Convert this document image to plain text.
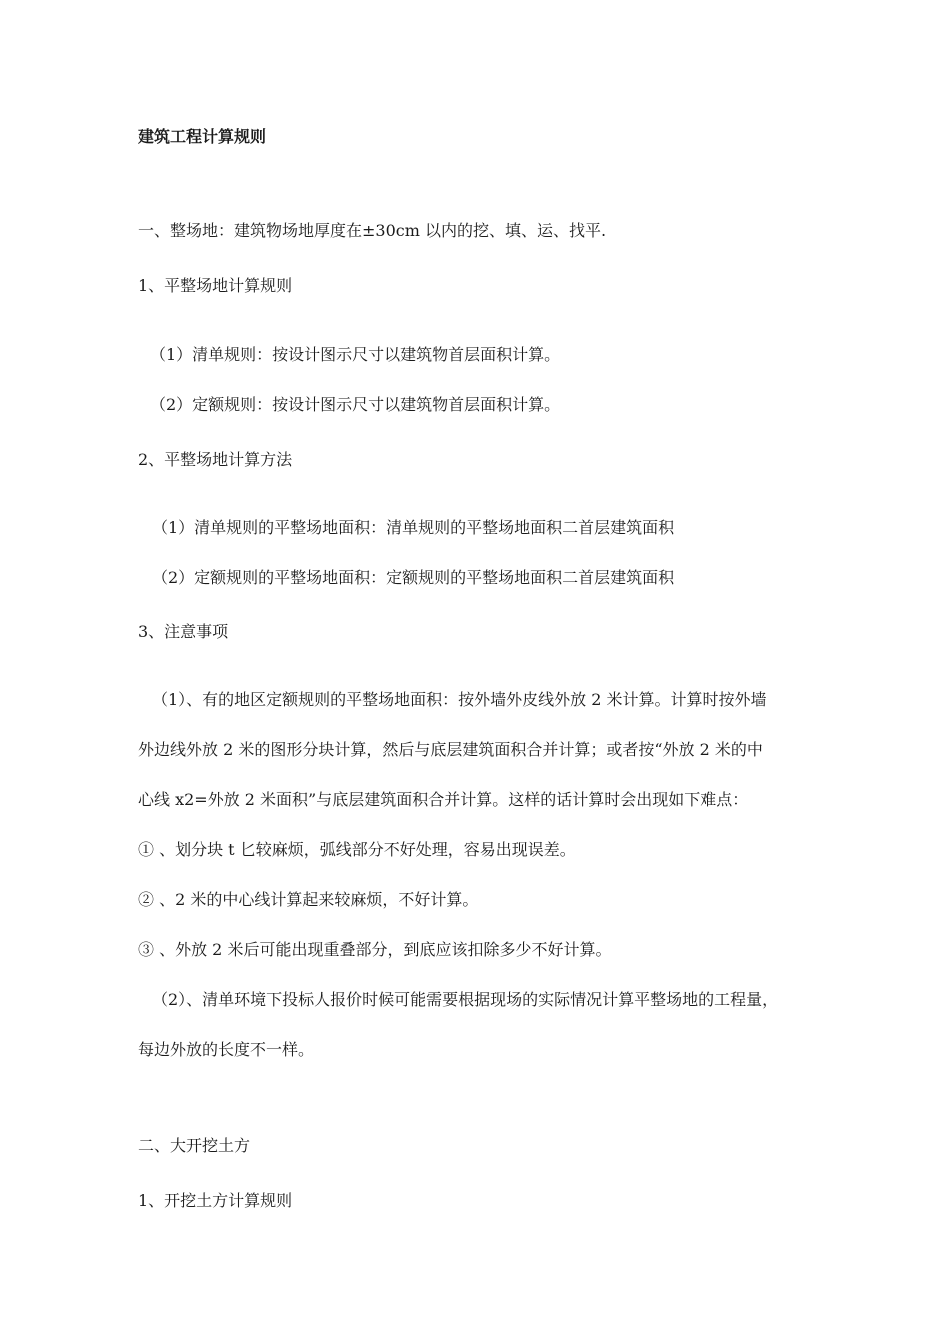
建筑工程计算规则
一、整场地：建筑物场地厚度在±30cm 以内的挖、填、运、找平.
1、平整场地计算规则
（1）清单规则：按设计图示尺寸以建筑物首层面积计算。
（2）定额规则：按设计图示尺寸以建筑物首层面积计算。
2、平整场地计算方法
（1）清单规则的平整场地面积：清单规则的平整场地面积二首层建筑面积
（2）定额规则的平整场地面积：定额规则的平整场地面积二首层建筑面积
3、注意事项
（1）、有的地区定额规则的平整场地面积：按外墙外皮线外放 2 米计算。计算时按外墙
外边线外放 2 米的图形分块计算，然后与底层建筑面积合并计算；或者按“外放 2 米的中
心线 x2=外放 2 米面积”与底层建筑面积合并计算。这样的话计算时会出现如下难点：
① 、划分块 t 匕较麻烦，弧线部分不好处理，容易出现误差。
② 、2 米的中心线计算起来较麻烦，不好计算。
③ 、外放 2 米后可能出现重叠部分，到底应该扣除多少不好计算。
（2）、清单环境下投标人报价时候可能需要根据现场的实际情况计算平整场地的工程量，
每边外放的长度不一样。
二、大开挖土方
1、开挖土方计算规则
